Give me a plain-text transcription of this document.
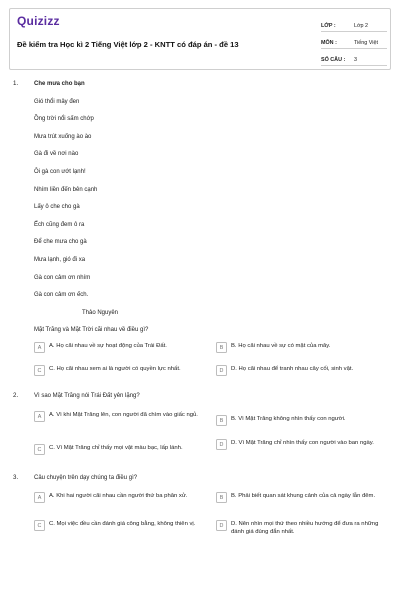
Quizizz
Đề kiểm tra Học kì 2 Tiếng Việt lớp 2 - KNTT có đáp án - đề 13
LỚP :	Lớp 2
MÔN :	Tiếng Việt
SỐ CÂU :	3
1.	Che mưa cho bạn
Gió thổi mây đen
Ồng trời nổi sấm chớp
Mưa trút xuống ào ào
Gà đi về nơi nào
Ôi gà con ướt lạnh!
Nhím liền đến bên cạnh
Lấy ô che cho gà
Ếch cũng đem ô ra
Để che mưa cho gà
Mưa lạnh, gió đi xa
Gà con cảm ơn nhím
Gà con cảm ơn ếch.
Thảo Nguyên
Mặt Trăng và Mặt Trời cãi nhau về điều gì?
A	A. Họ cãi nhau về sự hoạt động của Trái Đất.	B	B. Họ cãi nhau về sự có mặt của mây.
C	C. Họ cãi nhau xem ai là người có quyền lực nhất.	D	D. Họ cãi nhau để tranh nhau cây cối, sinh vật.
2.	Vì sao Mặt Trăng nói Trái Đất yên lặng?
A	A. Vì khi Mặt Trăng lên, con người đã chìm vào giấc ngủ.
B	B. Vì Mặt Trăng không nhìn thấy con người.
C	C. Vì Mặt Trăng chỉ thấy mọi vật màu bạc, lấp lánh.
D	D. Vì Mặt Trăng chỉ nhìn thấy con người vào ban ngày.
3.	Câu chuyện trên dạy chúng ta điều gì?
A	A. Khi hai người cãi nhau cần người thứ ba phân xử.	B	B. Phải biết quan sát khung cảnh của cả ngày lẫn đêm.
C	C. Mọi việc đều cần đánh giá công bằng, không thiên vị.	D	D. Nên nhìn mọi thứ theo nhiều hướng để đưa ra những đánh giá đúng đắn nhất.
